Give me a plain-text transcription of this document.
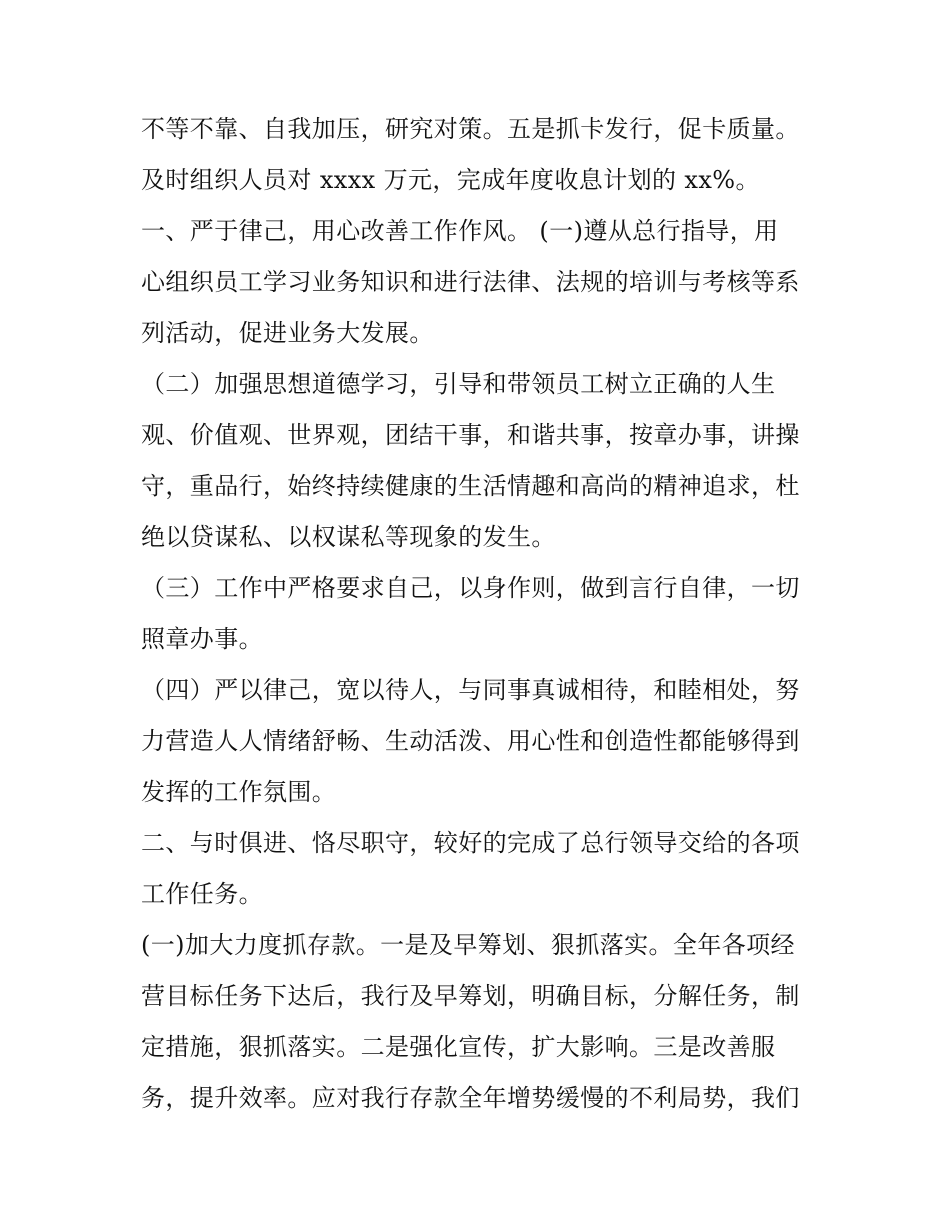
不等不靠、自我加压，研究对策。五是抓卡发行，促卡质量。
及时组织人员对 xxxx 万元，完成年度收息计划的 xx%。
一、严于律己，用心改善工作作风。 (一)遵从总行指导，用
心组织员工学习业务知识和进行法律、法规的培训与考核等系
列活动，促进业务大发展。
（二）加强思想道德学习，引导和带领员工树立正确的人生
观、价值观、世界观，团结干事，和谐共事，按章办事，讲操
守，重品行，始终持续健康的生活情趣和高尚的精神追求，杜
绝以贷谋私、以权谋私等现象的发生。
（三）工作中严格要求自己，以身作则，做到言行自律，一切
照章办事。
（四）严以律己，宽以待人，与同事真诚相待，和睦相处，努
力营造人人情绪舒畅、生动活泼、用心性和创造性都能够得到
发挥的工作氛围。
二、与时俱进、恪尽职守，较好的完成了总行领导交给的各项
工作任务。
(一)加大力度抓存款。一是及早筹划、狠抓落实。全年各项经
营目标任务下达后，我行及早筹划，明确目标，分解任务，制
定措施，狠抓落实。二是强化宣传，扩大影响。三是改善服
务，提升效率。应对我行存款全年增势缓慢的不利局势，我们
